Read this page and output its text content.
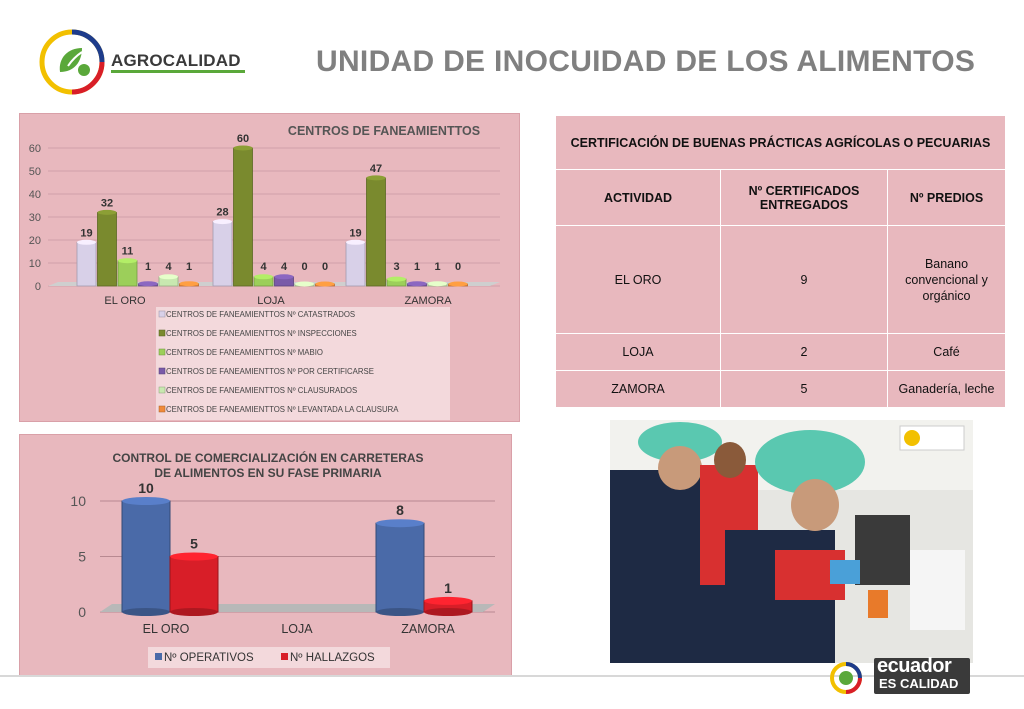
AGROCALIDAD	UNIDAD DE INOCUIDAD DE LOS ALIMENTOS
CENTROS DE FANEAMIENTTOS
0
10
20
30
40
50
60
19
28
19
32
60
47
11
4	3
1	4	1
4	0	1
1	0	0
EL ORO	LOJA	ZAMORA
CENTROS DE FANEAMIENTTOS Nº CATASTRADOS
CENTROS DE FANEAMIENTTOS Nº INSPECCIONES
CENTROS DE FANEAMIENTTOS Nº MABIO
CENTROS DE FANEAMIENTTOS Nº POR CERTIFICARSE
CENTROS DE FANEAMIENTTOS Nº CLAUSURADOS
CENTROS DE FANEAMIENTTOS Nº LEVANTADA LA CLAUSURA
CONTROL DE COMERCIALIZACIÓN EN CARRETERAS
DE ALIMENTOS EN SU FASE PRIMARIA
0
5
10
10
8
5
1
EL ORO	LOJA	ZAMORA
Nº OPERATIVOS	Nº HALLAZGOS
CERTIFICACIÓN DE BUENAS PRÁCTICAS AGRÍCOLAS O PECUARIAS		
ACTIVIDAD	Nº CERTIFICADOS ENTREGADOS	Nº PREDIOS
EL ORO	9	Banano convencional y orgánico

LOJA	2	Café
ZAMORA	5	Ganadería, leche
ecuador
ES CALIDAD
